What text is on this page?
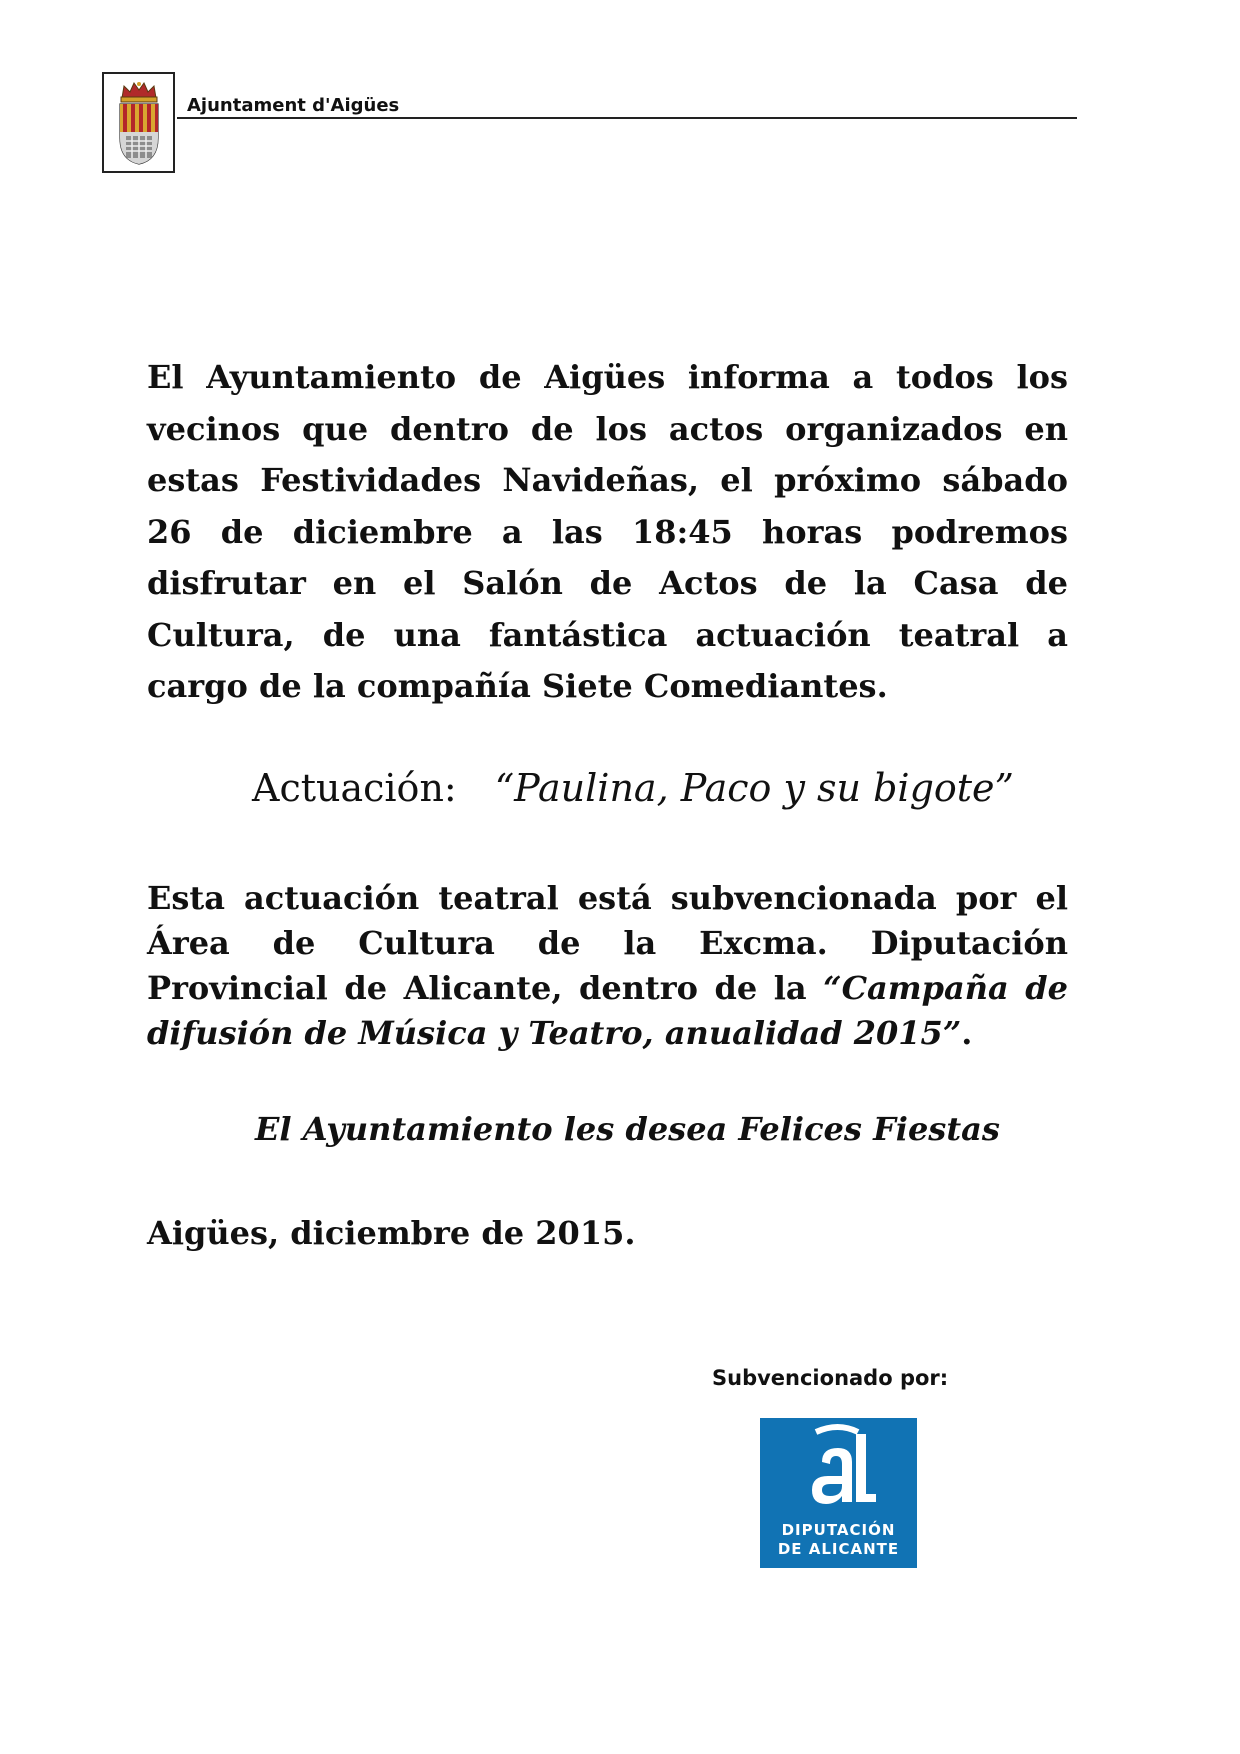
Ajuntament d'Aigües

El Ayuntamiento de Aigües informa a todos los vecinos que dentro de los actos organizados en estas Festividades Navideñas, el próximo sábado 26 de diciembre a las 18:45 horas podremos disfrutar en el Salón de Actos de la Casa de Cultura, de una fantástica actuación teatral a cargo de la compañía Siete Comediantes.

Actuación: “Paulina, Paco y su bigote”

Esta actuación teatral está subvencionada por el Área de Cultura de la Excma. Diputación Provincial de Alicante, dentro de la “Campaña de difusión de Música y Teatro, anualidad 2015”.

El Ayuntamiento les desea Felices Fiestas
Aigües, diciembre de 2015.
Subvencionado por:
DIPUTACIÓN
DE ALICANTE
